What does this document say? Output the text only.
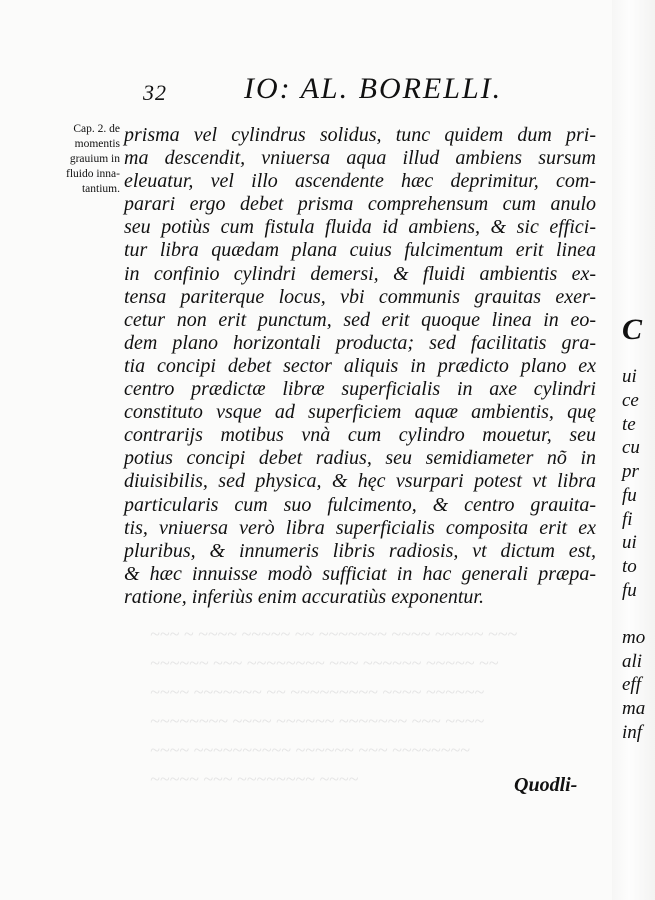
32	IO: AL. BORELLI.
Cap. 2. de
momentis
grauium in
fluido inna-
tantium.
prisma vel cylindrus solidus, tunc quidem dum pri-
ma descendit, vniuersa aqua illud ambiens sursum
eleuatur, vel illo ascendente hæc deprimitur, com-
parari ergo debet prisma comprehensum cum anulo
seu potiùs cum fistula fluida id ambiens, & sic effici-
tur libra quædam plana cuius fulcimentum erit linea
in confinio cylindri demersi, & fluidi ambientis ex-
tensa pariterque locus, vbi communis grauitas exer-
cetur non erit punctum, sed erit quoque linea in eo-
dem plano horizontali producta; sed facilitatis gra-
tia concipi debet sector aliquis in prædicto plano ex
centro prædictæ libræ superficialis in axe cylindri
constituto vsque ad superficiem aquæ ambientis, quę
contrarijs motibus vnà cum cylindro mouetur, seu
potius concipi debet radius, seu semidiameter nõ in
diuisibilis, sed physica, & hęc vsurpari potest vt libra
particularis cum suo fulcimento, & centro grauita-
tis, vniuersa verò libra superficialis composita erit ex
pluribus, & innumeris libris radiosis, vt dictum est,
& hæc innuisse modò sufficiat in hac generali præpa-
ratione, inferiùs enim accuratiùs exponentur.
~~~ ~ ~~~~ ~~~~~ ~~ ~~~~~~~ ~~~~ ~~~~~ ~~~
~~~~~~ ~~~ ~~~~~~~~ ~~~ ~~~~~~ ~~~~~ ~~
~~~~ ~~~~~~~ ~~ ~~~~~~~~~ ~~~~ ~~~~~~
~~~~~~~~ ~~~~ ~~~~~~ ~~~~~~~ ~~~ ~~~~
~~~~ ~~~~~~~~~~ ~~~~~~ ~~~ ~~~~~~~~
~~~~~ ~~~ ~~~~~~~~ ~~~~	Quodli-
C
ui
ce
te
cu
pr
fu
fi
ui
to
fu
mo
ali
eff
ma
inf
